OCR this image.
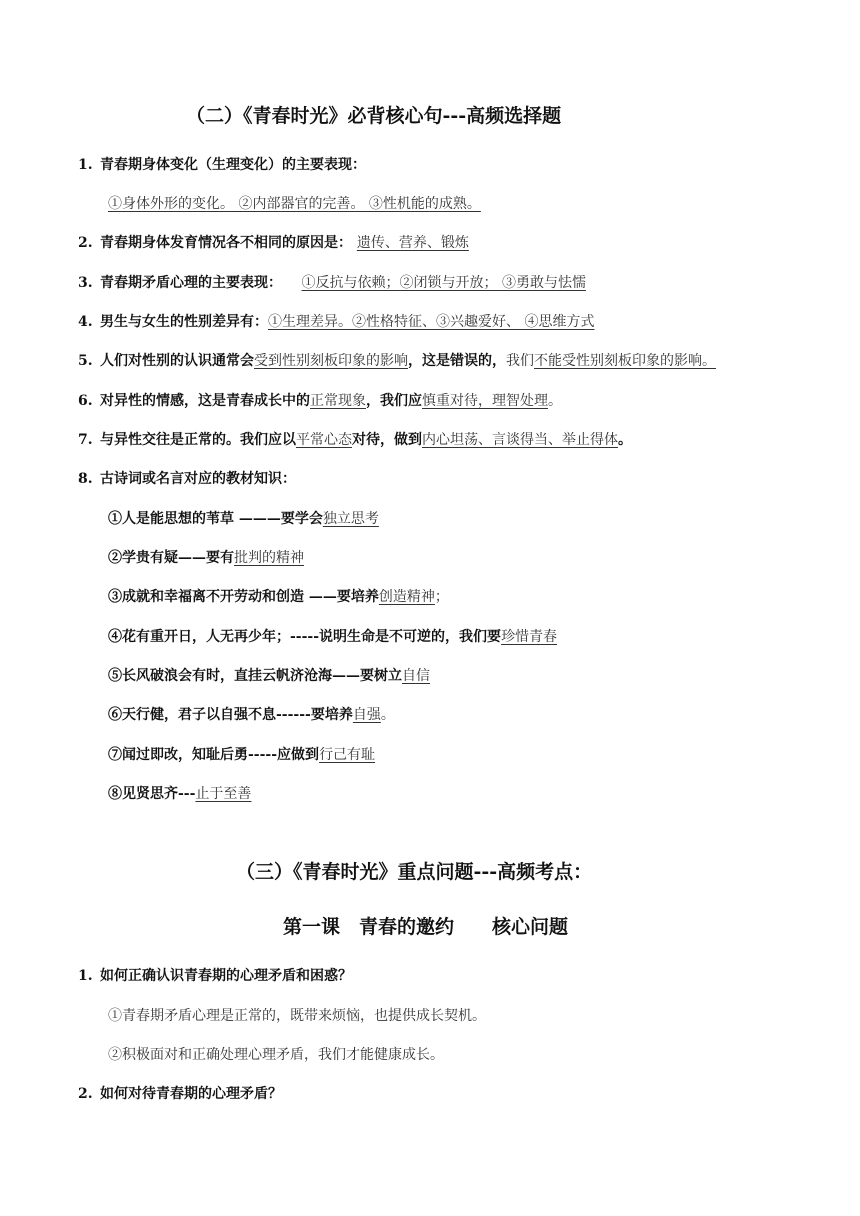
（二）《青春时光》必背核心句---高频选择题
1. 青春期身体变化（生理变化）的主要表现：
①身体外形的变化。 ②内部器官的完善。 ③性机能的成熟。
2. 青春期身体发育情况各不相同的原因是： 遗传、营养、锻炼
3. 青春期矛盾心理的主要表现： ①反抗与依赖；②闭锁与开放； ③勇敢与怯懦
4. 男生与女生的性别差异有：①生理差异。②性格特征、③兴趣爱好、 ④思维方式
5. 人们对性别的认识通常会受到性别刻板印象的影响，这是错误的，我们不能受性别刻板印象的影响。
6. 对异性的情感，这是青春成长中的正常现象，我们应慎重对待，理智处理。
7. 与异性交往是正常的。我们应以平常心态对待，做到内心坦荡、言谈得当、举止得体。
8. 古诗词或名言对应的教材知识：
①人是能思想的苇草 ———要学会独立思考
②学贵有疑——要有批判的精神
③成就和幸福离不开劳动和创造 ——要培养创造精神；
④花有重开日，人无再少年；-----说明生命是不可逆的，我们要珍惜青春
⑤长风破浪会有时，直挂云帆济沧海——要树立自信
⑥天行健，君子以自强不息------要培养自强。
⑦闻过即改，知耻后勇-----应做到行己有耻
⑧见贤思齐---止于至善
（三）《青春时光》重点问题---高频考点：
第一课　青春的邀约　　核心问题
1. 如何正确认识青春期的心理矛盾和困惑？
①青春期矛盾心理是正常的，既带来烦恼，也提供成长契机。
②积极面对和正确处理心理矛盾，我们才能健康成长。
2. 如何对待青春期的心理矛盾？
